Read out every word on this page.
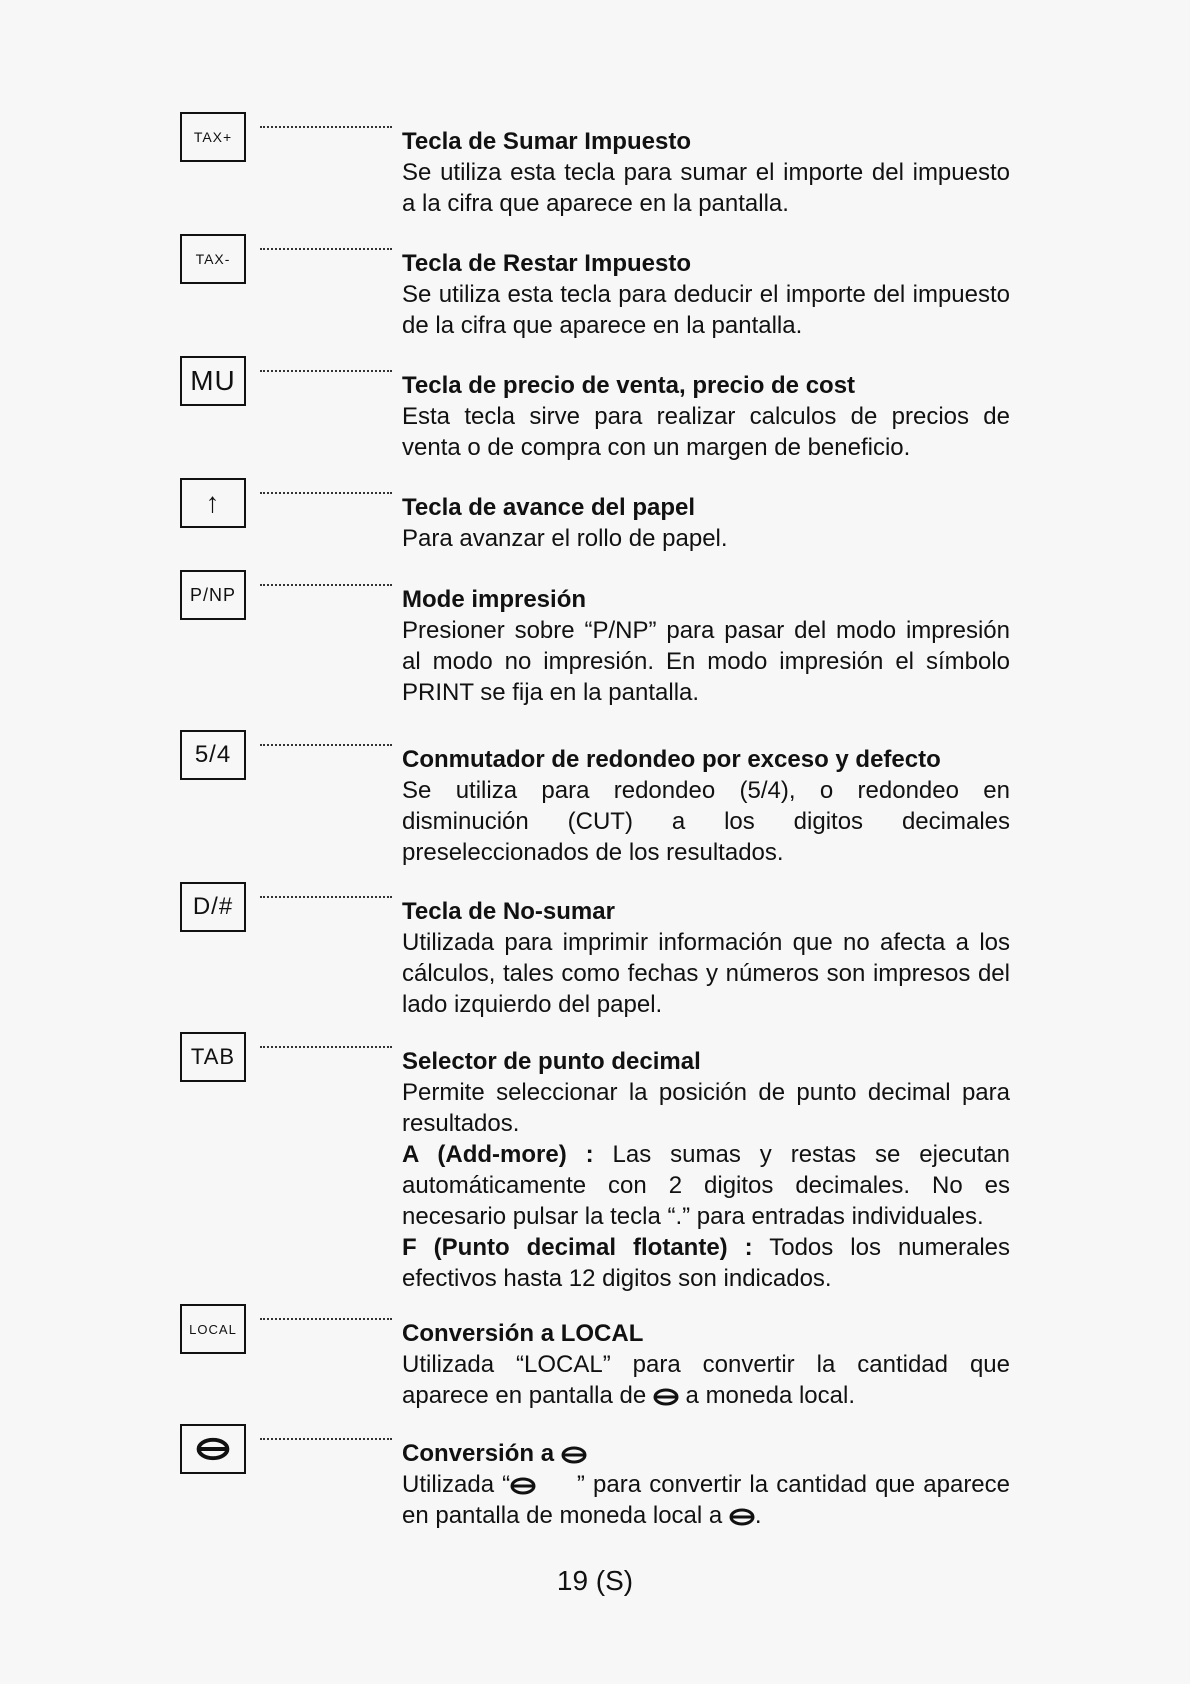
TAX+	Tecla de Sumar Impuesto
Se utiliza esta tecla para sumar el importe del impuesto a la cifra que aparece en la pantalla.
TAX-	Tecla de Restar Impuesto
Se utiliza esta tecla para deducir el importe del impuesto de la cifra que aparece en la pantalla.
MU	Tecla de precio de venta, precio de cost
Esta tecla sirve para realizar calculos de precios de venta o de compra con un margen de beneficio.
↑	Tecla de avance del papel
Para avanzar el rollo de papel.
P/NP	Mode impresión
Presioner sobre “P/NP” para pasar del modo impresión al modo no impresión. En modo impresión el símbolo PRINT se fija en la pantalla.
5/4	Conmutador de redondeo por exceso y defecto
Se utiliza para redondeo (5/4), o redondeo en disminución (CUT) a los digitos decimales preseleccionados de los resultados.
D/#	Tecla de No-sumar
Utilizada para imprimir información que no afecta a los cálculos, tales como fechas y números son impresos del lado izquierdo del papel.
TAB	Selector de punto decimal
Permite seleccionar la posición de punto decimal para resultados.
A (Add-more) : Las sumas y restas se ejecutan automáticamente con 2 digitos decimales. No es necesario pulsar la tecla “.” para entradas individuales.
F (Punto decimal flotante) : Todos los numerales efectivos hasta 12 digitos son indicados.
LOCAL	Conversión a LOCAL
Utilizada “LOCAL” para convertir la cantidad que aparece en pantalla de a moneda local.
Conversión a
Utilizada “	” para convertir la cantidad que aparece en pantalla de moneda local a .
19 (S)
